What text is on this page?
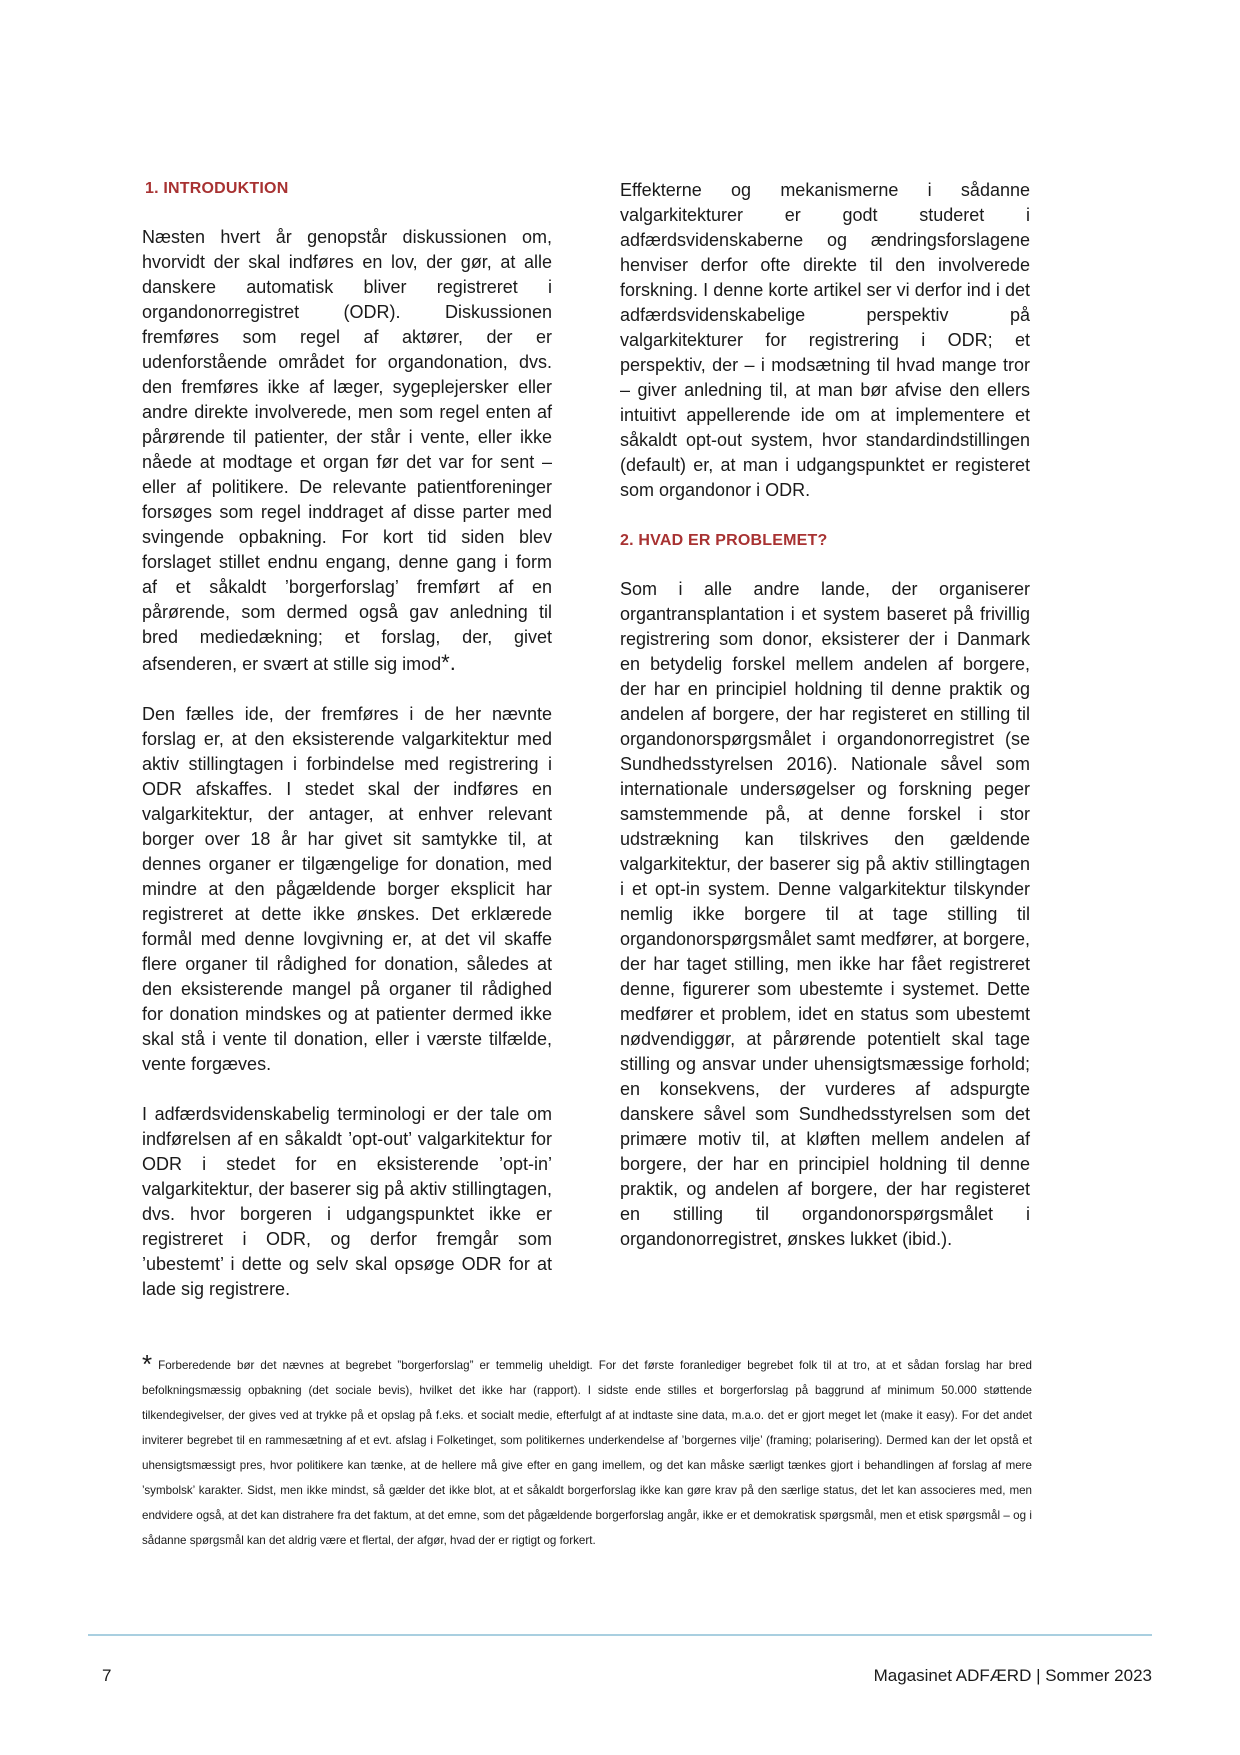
1. INTRODUKTION

Næsten hvert år genopstår diskussionen om, hvorvidt der skal indføres en lov, der gør, at alle danskere automatisk bliver registreret i organdonorregistret (ODR). Diskussionen fremføres som regel af aktører, der er udenforstående området for organdonation, dvs. den fremføres ikke af læger, sygeplejersker eller andre direkte involverede, men som regel enten af pårørende til patienter, der står i vente, eller ikke nåede at modtage et organ før det var for sent – eller af politikere. De relevante patientforeninger forsøges som regel inddraget af disse parter med svingende opbakning. For kort tid siden blev forslaget stillet endnu engang, denne gang i form af et såkaldt ’borgerforslag’ fremført af en pårørende, som dermed også gav anledning til bred mediedækning; et forslag, der, givet afsenderen, er svært at stille sig imod*.

Den fælles ide, der fremføres i de her nævnte forslag er, at den eksisterende valgarkitektur med aktiv stillingtagen i forbindelse med registrering i ODR afskaffes. I stedet skal der indføres en valgarkitektur, der antager, at enhver relevant borger over 18 år har givet sit samtykke til, at dennes organer er tilgængelige for donation, med mindre at den pågældende borger eksplicit har registreret at dette ikke ønskes. Det erklærede formål med denne lovgivning er, at det vil skaffe flere organer til rådighed for donation, således at den eksisterende mangel på organer til rådighed for donation mindskes og at patienter dermed ikke skal stå i vente til donation, eller i værste tilfælde, vente forgæves.

I adfærdsvidenskabelig terminologi er der tale om indførelsen af en såkaldt ’opt-out’ valgarkitektur for ODR i stedet for en eksisterende ’opt-in’ valgarkitektur, der baserer sig på aktiv stillingtagen, dvs. hvor borgeren i udgangspunktet ikke er registreret i ODR, og derfor fremgår som ’ubestemt’ i dette og selv skal opsøge ODR for at lade sig registrere.

Effekterne og mekanismerne i sådanne valgarkitekturer er godt studeret i adfærdsvidenskaberne og ændringsforslagene henviser derfor ofte direkte til den involverede forskning. I denne korte artikel ser vi derfor ind i det adfærdsvidenskabelige perspektiv på valgarkitekturer for registrering i ODR; et perspektiv, der – i modsætning til hvad mange tror – giver anledning til, at man bør afvise den ellers intuitivt appellerende ide om at implementere et såkaldt opt-out system, hvor standardindstillingen (default) er, at man i udgangspunktet er registeret som organdonor i ODR.

2. HVAD ER PROBLEMET?

Som i alle andre lande, der organiserer organtransplantation i et system baseret på frivillig registrering som donor, eksisterer der i Danmark en betydelig forskel mellem andelen af borgere, der har en principiel holdning til denne praktik og andelen af borgere, der har registeret en stilling til organdonorspørgsmålet i organdonorregistret (se Sundhedsstyrelsen 2016). Nationale såvel som internationale undersøgelser og forskning peger samstemmende på, at denne forskel i stor udstrækning kan tilskrives den gældende valgarkitektur, der baserer sig på aktiv stillingtagen i et opt-in system. Denne valgarkitektur tilskynder nemlig ikke borgere til at tage stilling til organdonorspørgsmålet samt medfører, at borgere, der har taget stilling, men ikke har fået registreret denne, figurerer som ubestemte i systemet. Dette medfører et problem, idet en status som ubestemt nødvendiggør, at pårørende potentielt skal tage stilling og ansvar under uhensigtsmæssige forhold; en konsekvens, der vurderes af adspurgte danskere såvel som Sundhedsstyrelsen som det primære motiv til, at kløften mellem andelen af borgere, der har en principiel holdning til denne praktik, og andelen af borgere, der har registeret en stilling til organdonorspørgsmålet i organdonorregistret, ønskes lukket (ibid.).

* Forberedende bør det nævnes at begrebet ”borgerforslag” er temmelig uheldigt. For det første foranlediger begrebet folk til at tro, at et sådan forslag har bred befolkningsmæssig opbakning (det sociale bevis), hvilket det ikke har (rapport). I sidste ende stilles et borgerforslag på baggrund af minimum 50.000 støttende tilkendegivelser, der gives ved at trykke på et opslag på f.eks. et socialt medie, efterfulgt af at indtaste sine data, m.a.o. det er gjort meget let (make it easy). For det andet inviterer begrebet til en rammesætning af et evt. afslag i Folketinget, som politikernes underkendelse af ’borgernes vilje’ (framing; polarisering). Dermed kan der let opstå et uhensigtsmæssigt pres, hvor politikere kan tænke, at de hellere må give efter en gang imellem, og det kan måske særligt tænkes gjort i behandlingen af forslag af mere ’symbolsk’ karakter. Sidst, men ikke mindst, så gælder det ikke blot, at et såkaldt borgerforslag ikke kan gøre krav på den særlige status, det let kan associeres med, men endvidere også, at det kan distrahere fra det faktum, at det emne, som det pågældende borgerforslag angår, ikke er et demokratisk spørgsmål, men et etisk spørgsmål – og i sådanne spørgsmål kan det aldrig være et flertal, der afgør, hvad der er rigtigt og forkert.
7	Magasinet ADFÆRD | Sommer 2023
